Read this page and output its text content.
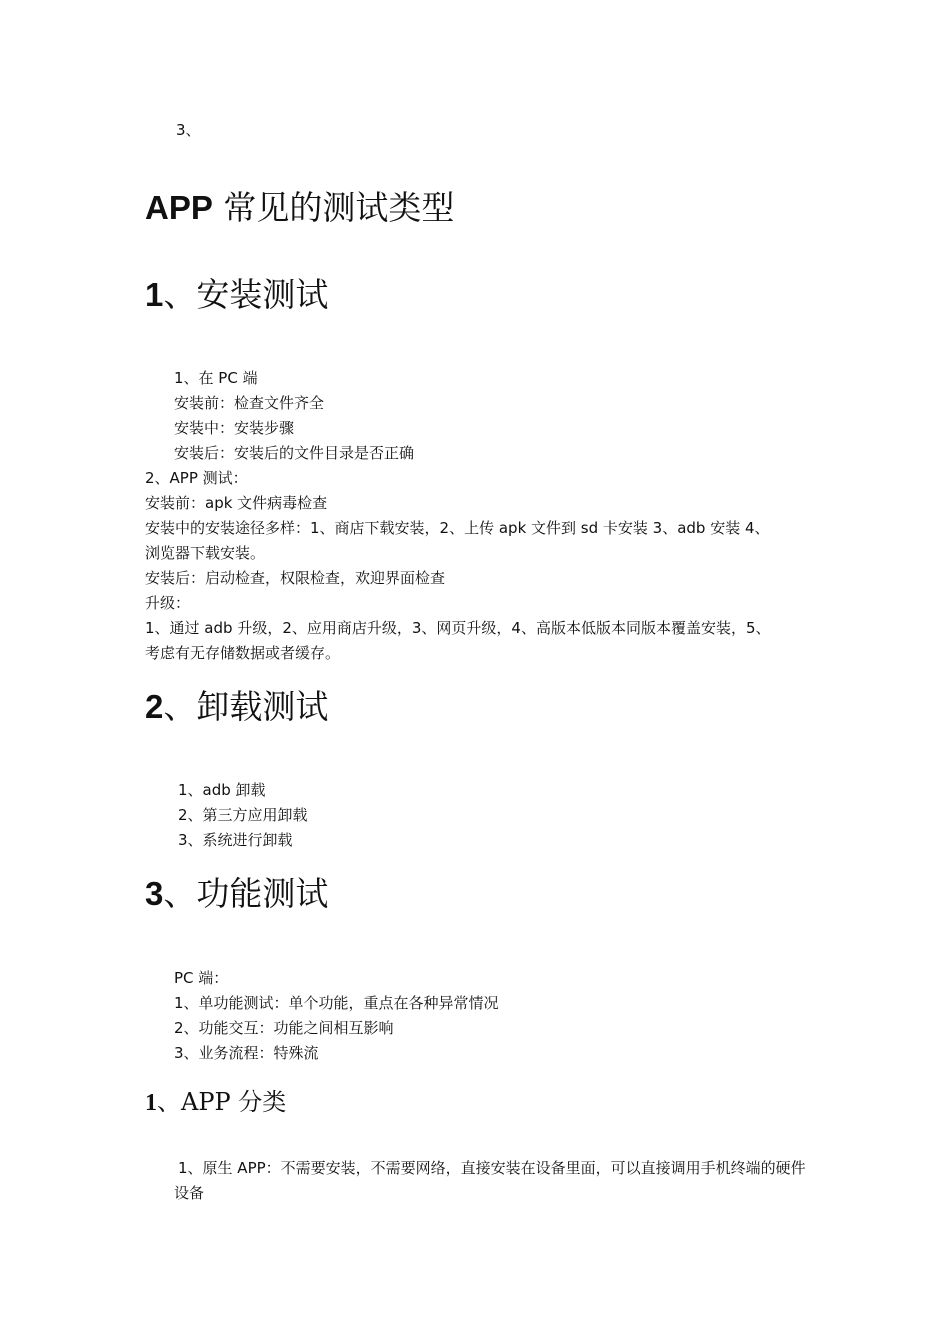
3、
APP 常见的测试类型
1、安装测试
1、在 PC 端
安装前：检查文件齐全
安装中：安装步骤
安装后：安装后的文件目录是否正确
2、APP 测试：
安装前：apk 文件病毒检查
安装中的安装途径多样：1、商店下载安装，2、上传 apk 文件到 sd 卡安装 3、adb 安装 4、
浏览器下载安装。
安装后：启动检查，权限检查，欢迎界面检查
升级：
1、通过 adb 升级，2、应用商店升级，3、网页升级，4、高版本低版本同版本覆盖安装，5、
考虑有无存储数据或者缓存。
2、卸载测试
1、adb 卸载
2、第三方应用卸载
3、系统进行卸载
3、功能测试
PC 端：
1、单功能测试：单个功能，重点在各种异常情况
2、功能交互：功能之间相互影响
3、业务流程：特殊流
1、APP 分类
1、原生 APP：不需要安装，不需要网络，直接安装在设备里面，可以直接调用手机终端的硬件设备
